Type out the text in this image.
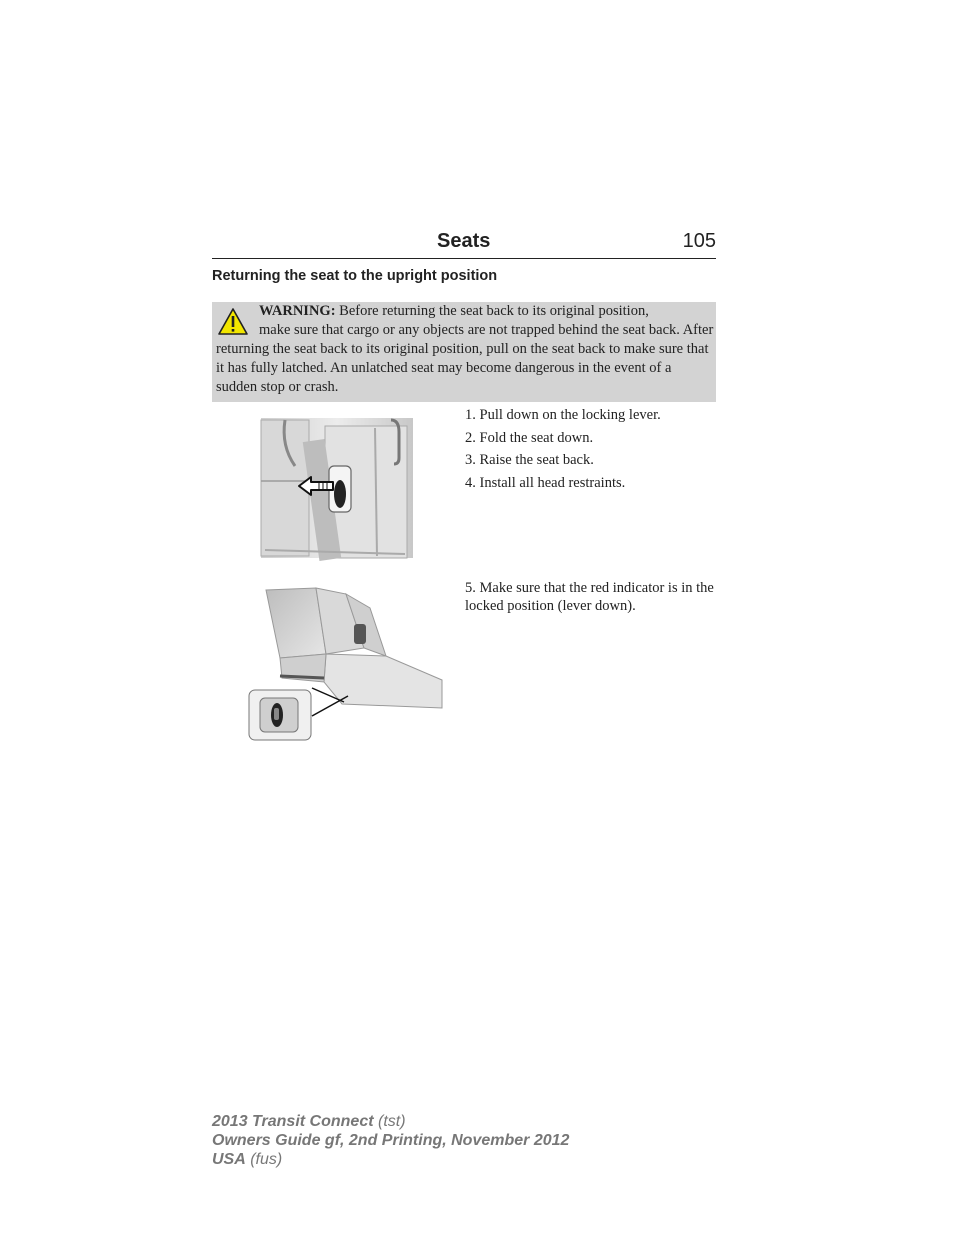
Seats	105
Returning the seat to the upright position
WARNING: Before returning the seat back to its original position,
make sure that cargo or any objects are not trapped behind the seat back. After returning the seat back to its original position, pull on the seat back to make sure that it has fully latched. An unlatched seat may become dangerous in the event of a sudden stop or crash.
1. Pull down on the locking lever.
2. Fold the seat down.
3. Raise the seat back.
4. Install all head restraints.
5. Make sure that the red indicator is in the locked position (lever down).
2013 Transit Connect (tst)
Owners Guide gf, 2nd Printing, November 2012
USA (fus)
